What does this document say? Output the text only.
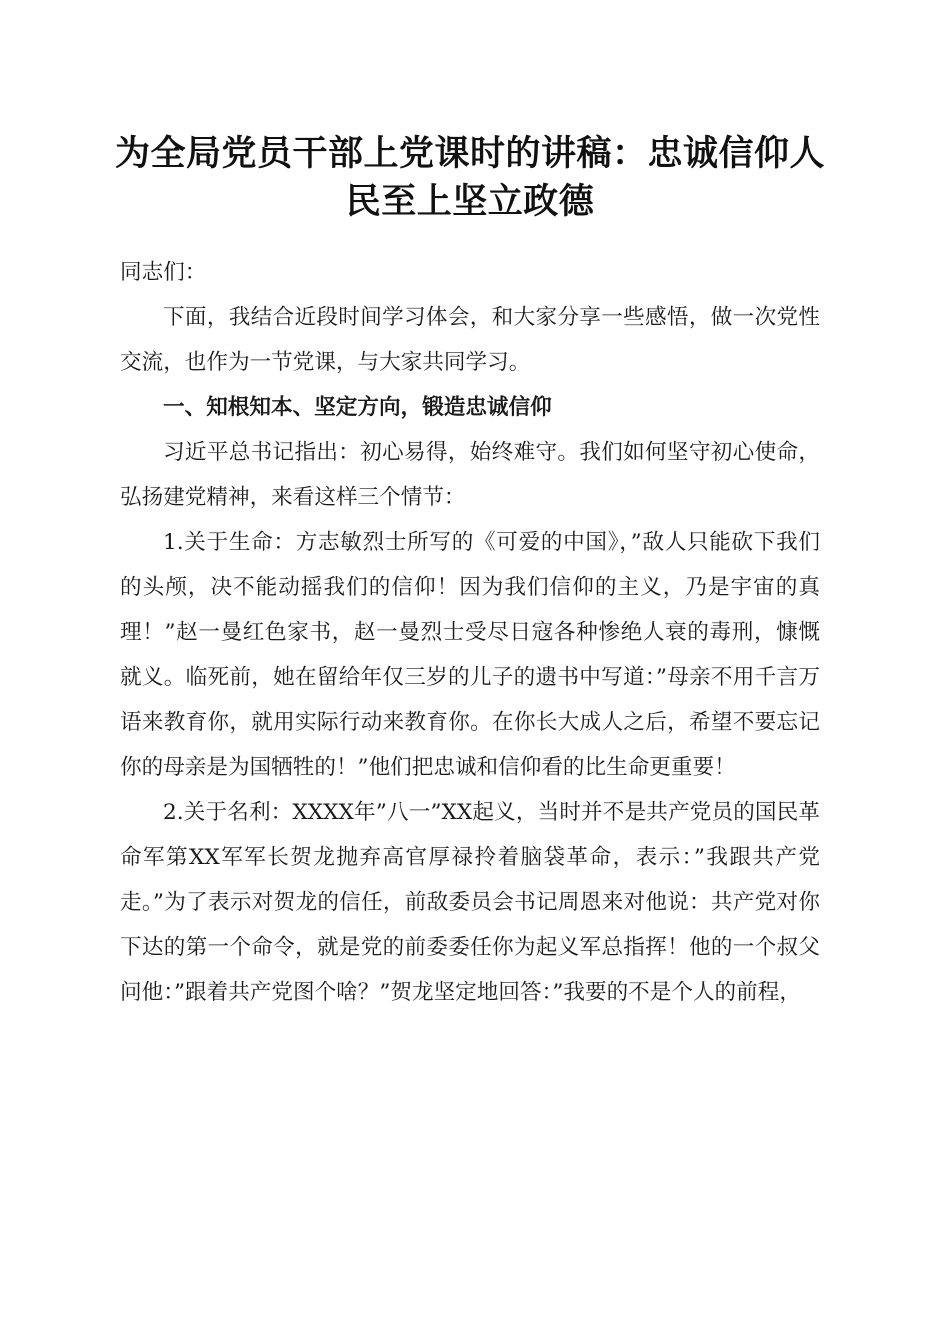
为全局党员干部上党课时的讲稿：忠诚信仰人民至上坚立政德

同志们：

下面，我结合近段时间学习体会，和大家分享一些感悟，做一次党性交流，也作为一节党课，与大家共同学习。

一、知根知本、坚定方向，锻造忠诚信仰

习近平总书记指出：初心易得，始终难守。我们如何坚守初心使命，弘扬建党精神，来看这样三个情节：

1.关于生命：方志敏烈士所写的《可爱的中国》，”敌人只能砍下我们的头颅，决不能动摇我们的信仰！因为我们信仰的主义，乃是宇宙的真理！”赵一曼红色家书，赵一曼烈士受尽日寇各种惨绝人衰的毒刑，慷慨就义。临死前，她在留给年仅三岁的儿子的遗书中写道：”母亲不用千言万语来教育你，就用实际行动来教育你。在你长大成人之后，希望不要忘记你的母亲是为国牺牲的！”他们把忠诚和信仰看的比生命更重要！

2.关于名利：XXXX年”八一”XX起义，当时并不是共产党员的国民革命军第XX军军长贺龙抛弃高官厚禄拎着脑袋革命，表示：”我跟共产党走。”为了表示对贺龙的信任，前敌委员会书记周恩来对他说：共产党对你下达的第一个命令，就是党的前委委任你为起义军总指挥！他的一个叔父问他：”跟着共产党图个啥？”贺龙坚定地回答：”我要的不是个人的前程，
